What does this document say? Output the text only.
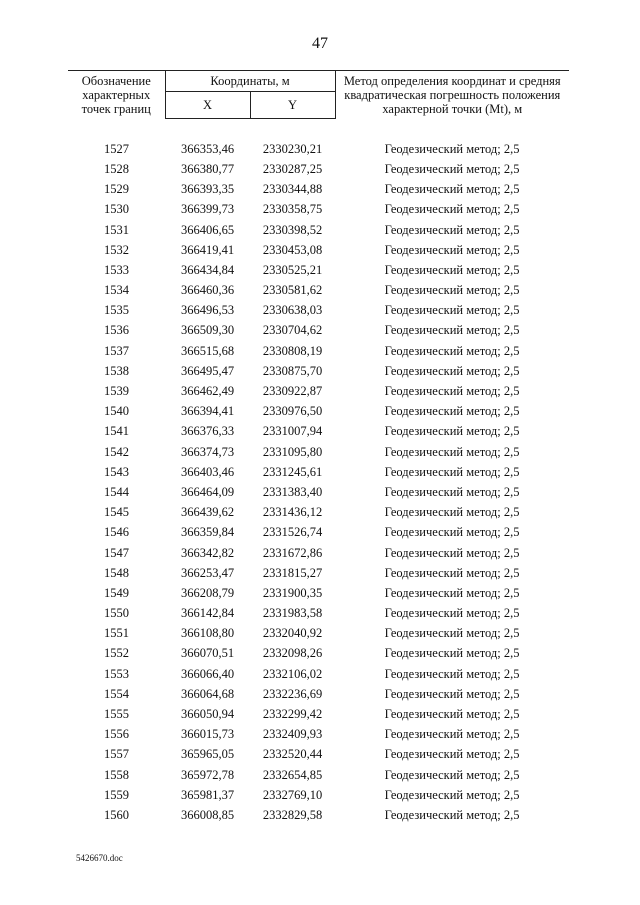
47
Обозначение характерных точек границ	Координаты, м		Метод определения координат и средняя квадратическая погрешность положения характерной точки (Mt), м
	X	Y	

1527	366353,46	2330230,21	Геодезический метод; 2,5
1528	366380,77	2330287,25	Геодезический метод; 2,5
1529	366393,35	2330344,88	Геодезический метод; 2,5
1530	366399,73	2330358,75	Геодезический метод; 2,5
1531	366406,65	2330398,52	Геодезический метод; 2,5
1532	366419,41	2330453,08	Геодезический метод; 2,5
1533	366434,84	2330525,21	Геодезический метод; 2,5
1534	366460,36	2330581,62	Геодезический метод; 2,5
1535	366496,53	2330638,03	Геодезический метод; 2,5
1536	366509,30	2330704,62	Геодезический метод; 2,5
1537	366515,68	2330808,19	Геодезический метод; 2,5
1538	366495,47	2330875,70	Геодезический метод; 2,5
1539	366462,49	2330922,87	Геодезический метод; 2,5
1540	366394,41	2330976,50	Геодезический метод; 2,5
1541	366376,33	2331007,94	Геодезический метод; 2,5
1542	366374,73	2331095,80	Геодезический метод; 2,5
1543	366403,46	2331245,61	Геодезический метод; 2,5
1544	366464,09	2331383,40	Геодезический метод; 2,5
1545	366439,62	2331436,12	Геодезический метод; 2,5
1546	366359,84	2331526,74	Геодезический метод; 2,5
1547	366342,82	2331672,86	Геодезический метод; 2,5
1548	366253,47	2331815,27	Геодезический метод; 2,5
1549	366208,79	2331900,35	Геодезический метод; 2,5
1550	366142,84	2331983,58	Геодезический метод; 2,5
1551	366108,80	2332040,92	Геодезический метод; 2,5
1552	366070,51	2332098,26	Геодезический метод; 2,5
1553	366066,40	2332106,02	Геодезический метод; 2,5
1554	366064,68	2332236,69	Геодезический метод; 2,5
1555	366050,94	2332299,42	Геодезический метод; 2,5
1556	366015,73	2332409,93	Геодезический метод; 2,5
1557	365965,05	2332520,44	Геодезический метод; 2,5
1558	365972,78	2332654,85	Геодезический метод; 2,5
1559	365981,37	2332769,10	Геодезический метод; 2,5
1560	366008,85	2332829,58	Геодезический метод; 2,5
5426670.doc
